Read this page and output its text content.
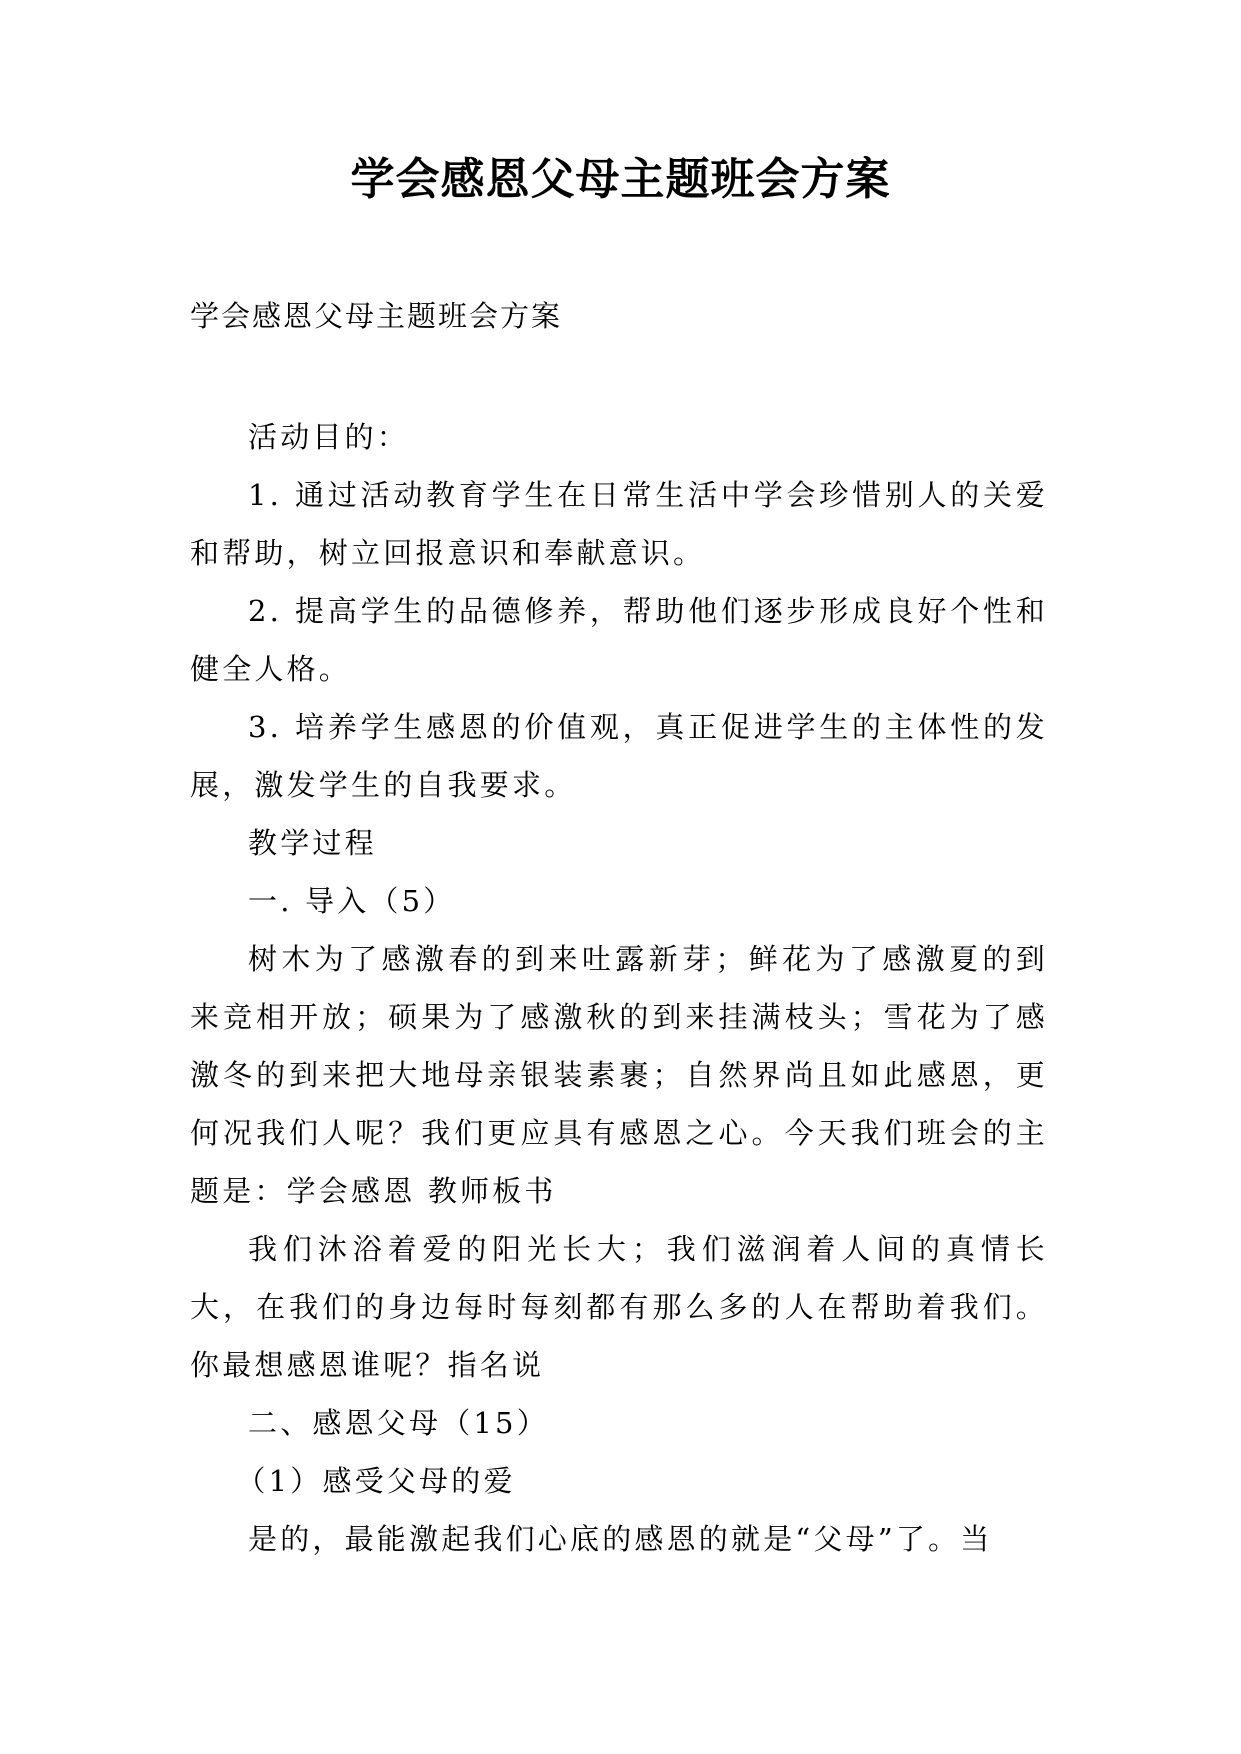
学会感恩父母主题班会方案
学会感恩父母主题班会方案

活动目的：

1. 通过活动教育学生在日常生活中学会珍惜别人的关爱和帮助，树立回报意识和奉献意识。

2. 提高学生的品德修养，帮助他们逐步形成良好个性和健全人格。

3. 培养学生感恩的价值观，真正促进学生的主体性的发展，激发学生的自我要求。

教学过程

一. 导入（5）

树木为了感激春的到来吐露新芽；鲜花为了感激夏的到来竞相开放；硕果为了感激秋的到来挂满枝头；雪花为了感激冬的到来把大地母亲银装素裹；自然界尚且如此感恩，更何况我们人呢？我们更应具有感恩之心。今天我们班会的主题是：学会感恩 教师板书

我们沐浴着爱的阳光长大；我们滋润着人间的真情长大，在我们的身边每时每刻都有那么多的人在帮助着我们。你最想感恩谁呢？指名说

二、感恩父母（15）

（1）感受父母的爱

是的，最能激起我们心底的感恩的就是“父母”了。当
